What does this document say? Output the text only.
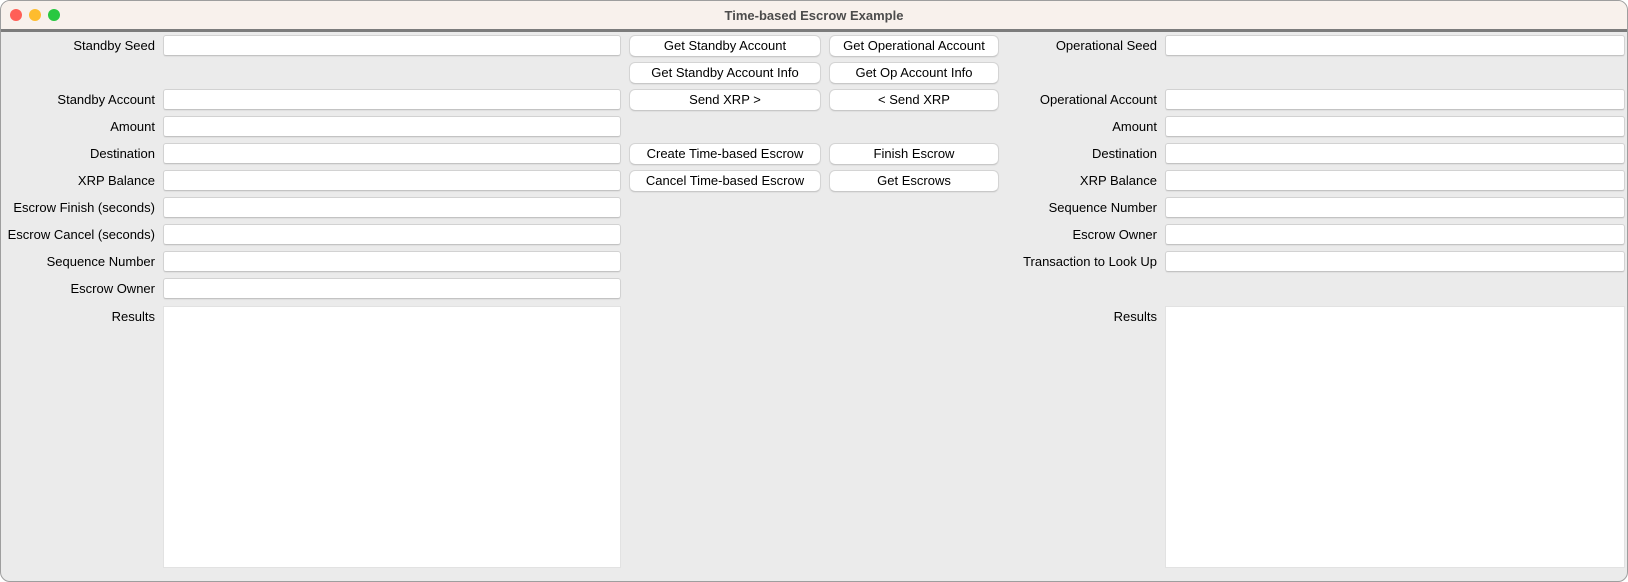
Time-based Escrow Example
Standby Seed	Get Standby Account	Get Operational Account	Operational Seed
Get Standby Account Info	Get Op Account Info
Standby Account	Send XRP >	< Send XRP	Operational Account
Amount	Amount
Destination	Create Time-based Escrow	Finish Escrow	Destination
XRP Balance	Cancel Time-based Escrow	Get Escrows	XRP Balance
Escrow Finish (seconds)	Sequence Number
Escrow Cancel (seconds)	Escrow Owner
Sequence Number	Transaction to Look Up
Escrow Owner
Results	Results
